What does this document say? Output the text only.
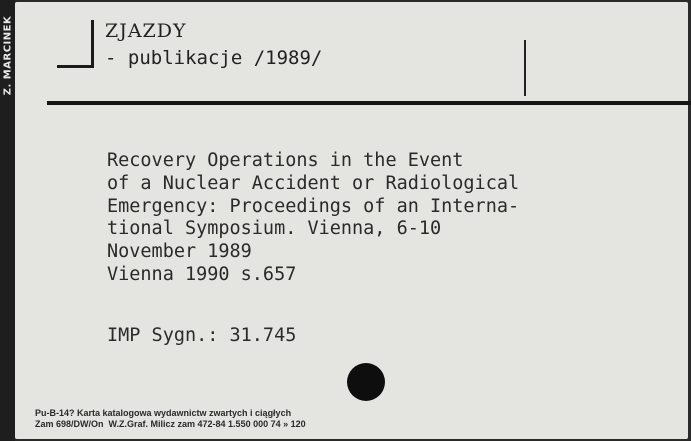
Z. MARCINEK	ZJAZDY
- publikacje /1989/
Recovery Operations in the Event
of a Nuclear Accident or Radiological
Emergency: Proceedings of an Interna-
tional Symposium. Vienna, 6-10
November 1989
Vienna 1990 s.657
IMP Sygn.: 31.745
Pu-B-14? Karta katalogowa wydawnictw zwartych i ciągłych
Zam 698/DW/On  W.Z.Graf. Milicz zam 472-84 1.550 000 74 » 120
